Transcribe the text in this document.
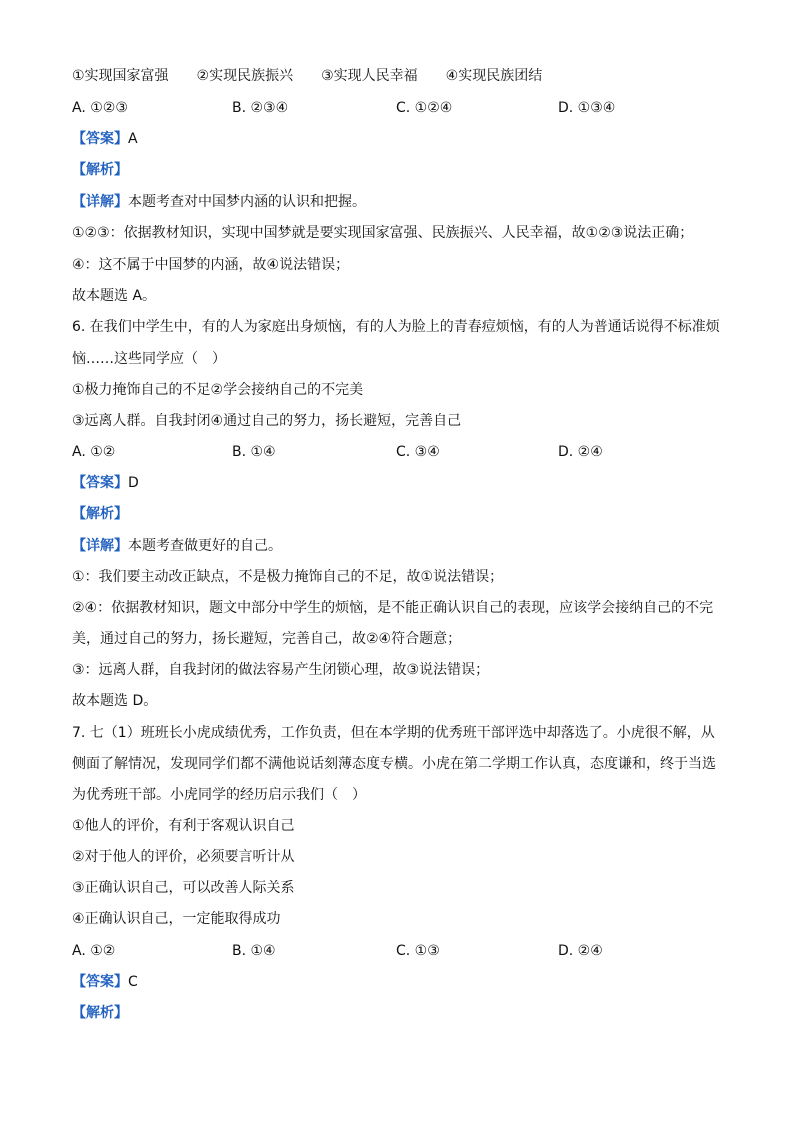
①实现国家富强　　②实现民族振兴　　③实现人民幸福　　④实现民族团结
A. ①②③	B. ②③④	C. ①②④	D. ①③④
【答案】A
【解析】
【详解】本题考查对中国梦内涵的认识和把握。
①②③：依据教材知识，实现中国梦就是要实现国家富强、民族振兴、人民幸福，故①②③说法正确；
④：这不属于中国梦的内涵，故④说法错误；
故本题选 A。
6. 在我们中学生中，有的人为家庭出身烦恼，有的人为脸上的青春痘烦恼，有的人为普通话说得不标准烦
恼……这些同学应（　）
①极力掩饰自己的不足②学会接纳自己的不完美
③远离人群。自我封闭④通过自己的努力，扬长避短，完善自己
A. ①②	B. ①④	C. ③④	D. ②④
【答案】D
【解析】
【详解】本题考查做更好的自己。
①：我们要主动改正缺点，不是极力掩饰自己的不足，故①说法错误；
②④：依据教材知识，题文中部分中学生的烦恼，是不能正确认识自己的表现，应该学会接纳自己的不完
美，通过自己的努力，扬长避短，完善自己，故②④符合题意；
③：远离人群，自我封闭的做法容易产生闭锁心理，故③说法错误；
故本题选 D。
7. 七（1）班班长小虎成绩优秀，工作负责，但在本学期的优秀班干部评选中却落选了。小虎很不解，从
侧面了解情况，发现同学们都不满他说话刻薄态度专横。小虎在第二学期工作认真，态度谦和，终于当选
为优秀班干部。小虎同学的经历启示我们（　）
①他人的评价，有利于客观认识自己
②对于他人的评价，必须要言听计从
③正确认识自己，可以改善人际关系
④正确认识自己，一定能取得成功
A. ①②	B. ①④	C. ①③	D. ②④
【答案】C
【解析】
